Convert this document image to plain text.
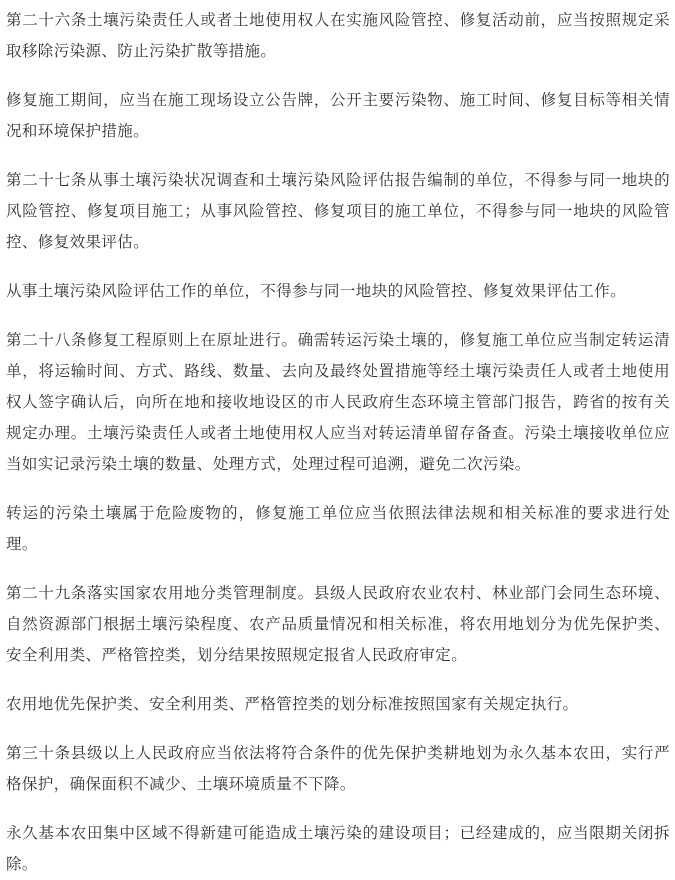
第二十六条土壤污染责任人或者土地使用权人在实施风险管控、修复活动前，应当按照规定采取移除污染源、防止污染扩散等措施。

修复施工期间，应当在施工现场设立公告牌，公开主要污染物、施工时间、修复目标等相关情况和环境保护措施。

第二十七条从事土壤污染状况调查和土壤污染风险评估报告编制的单位，不得参与同一地块的风险管控、修复项目施工；从事风险管控、修复项目的施工单位，不得参与同一地块的风险管控、修复效果评估。

从事土壤污染风险评估工作的单位，不得参与同一地块的风险管控、修复效果评估工作。

第二十八条修复工程原则上在原址进行。确需转运污染土壤的，修复施工单位应当制定转运清单，将运输时间、方式、路线、数量、去向及最终处置措施等经土壤污染责任人或者土地使用权人签字确认后，向所在地和接收地设区的市人民政府生态环境主管部门报告，跨省的按有关规定办理。土壤污染责任人或者土地使用权人应当对转运清单留存备查。污染土壤接收单位应当如实记录污染土壤的数量、处理方式，处理过程可追溯，避免二次污染。

转运的污染土壤属于危险废物的，修复施工单位应当依照法律法规和相关标准的要求进行处理。

第二十九条落实国家农用地分类管理制度。县级人民政府农业农村、林业部门会同生态环境、自然资源部门根据土壤污染程度、农产品质量情况和相关标准，将农用地划分为优先保护类、安全利用类、严格管控类，划分结果按照规定报省人民政府审定。

农用地优先保护类、安全利用类、严格管控类的划分标准按照国家有关规定执行。

第三十条县级以上人民政府应当依法将符合条件的优先保护类耕地划为永久基本农田，实行严格保护，确保面积不减少、土壤环境质量不下降。

永久基本农田集中区域不得新建可能造成土壤污染的建设项目；已经建成的，应当限期关闭拆除。
